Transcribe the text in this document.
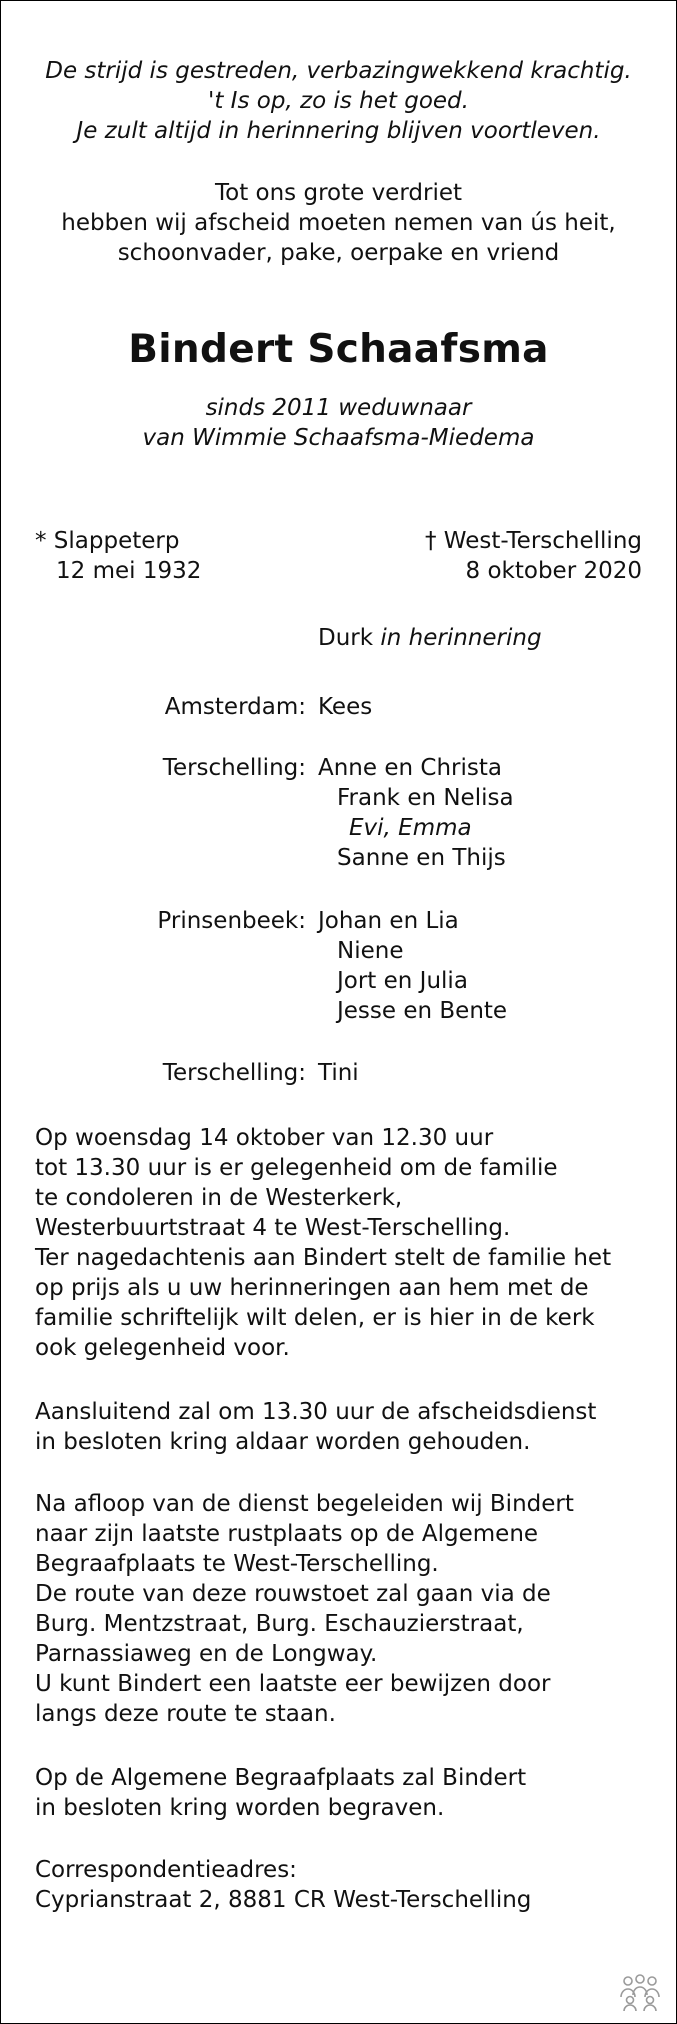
De strijd is gestreden, verbazingwekkend krachtig.
't Is op, zo is het goed.
Je zult altijd in herinnering blijven voortleven.
Tot ons grote verdriet
hebben wij afscheid moeten nemen van ús heit,
schoonvader, pake, oerpake en vriend
Bindert Schaafsma
sinds 2011 weduwnaar
van Wimmie Schaafsma-Miedema
* Slappeterp
12 mei 1932
† West-Terschelling
8 oktober 2020
Durk in herinnering
Amsterdam: Kees
Terschelling: Anne en Christa
Frank en Nelisa
Evi, Emma
Sanne en Thijs
Prinsenbeek: Johan en Lia
Niene
Jort en Julia
Jesse en Bente
Terschelling: Tini
Op woensdag 14 oktober van 12.30 uur
tot 13.30 uur is er gelegenheid om de familie
te condoleren in de Westerkerk,
Westerbuurtstraat 4 te West-Terschelling.
Ter nagedachtenis aan Bindert stelt de familie het
op prijs als u uw herinneringen aan hem met de
familie schriftelijk wilt delen, er is hier in de kerk
ook gelegenheid voor.
Aansluitend zal om 13.30 uur de afscheidsdienst
in besloten kring aldaar worden gehouden.
Na afloop van de dienst begeleiden wij Bindert
naar zijn laatste rustplaats op de Algemene
Begraafplaats te West-Terschelling.
De route van deze rouwstoet zal gaan via de
Burg. Mentzstraat, Burg. Eschauzierstraat,
Parnassiaweg en de Longway.
U kunt Bindert een laatste eer bewijzen door
langs deze route te staan.
Op de Algemene Begraafplaats zal Bindert
in besloten kring worden begraven.
Correspondentieadres:
Cyprianstraat 2, 8881 CR West-Terschelling
